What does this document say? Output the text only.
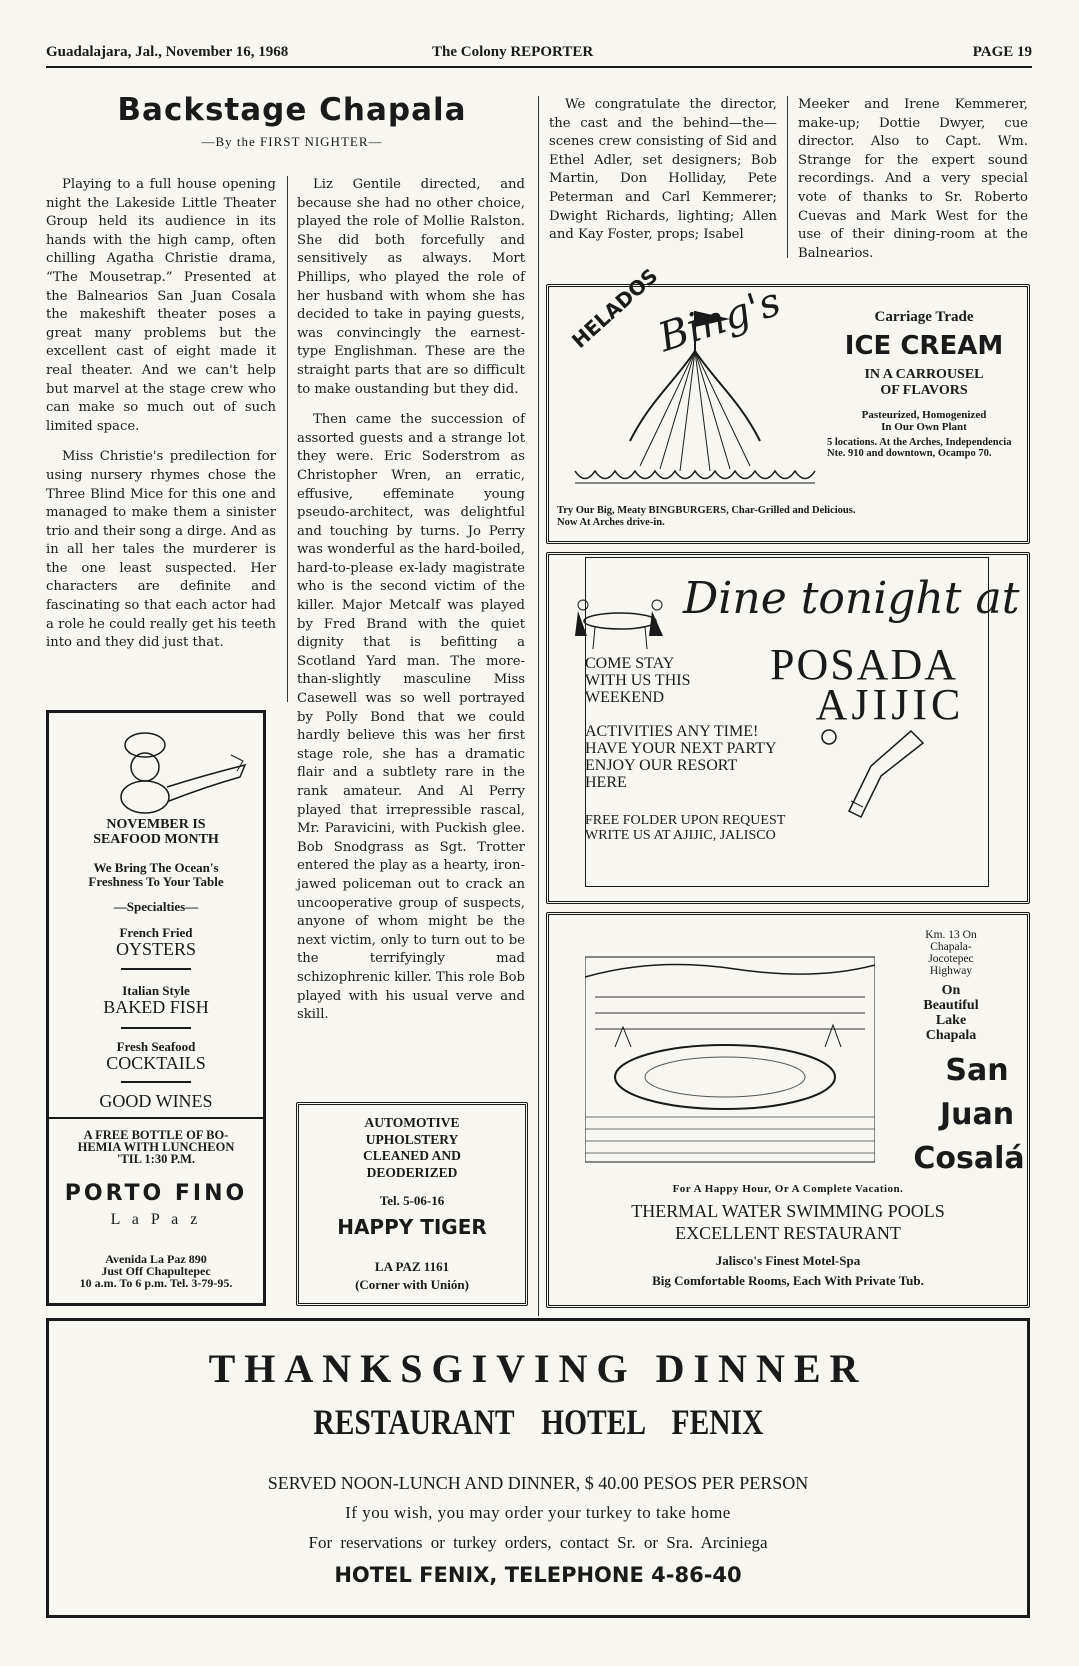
Guadalajara, Jal., November 16, 1968	The Colony REPORTER	PAGE 19
Backstage Chapala
—By the FIRST NIGHTER—

Playing to a full house opening night the Lakeside Little Theater Group held its audience in its hands with the high camp, often chilling Agatha Christie drama, “The Mousetrap.” Presented at the Balnearios San Juan Cosala the makeshift theater poses a great many problems but the excellent cast of eight made it real theater. And we can't help but marvel at the stage crew who can make so much out of such limited space.

Miss Christie's predilection for using nursery rhymes chose the Three Blind Mice for this one and managed to make them a sinister trio and their song a dirge. And as in all her tales the murderer is the one least suspected. Her characters are definite and fascinating so that each actor had a role he could really get his teeth into and they did just that.

Liz Gentile directed, and because she had no other choice, played the role of Mollie Ralston. She did both forcefully and sensitively as always. Mort Phillips, who played the role of her husband with whom she has decided to take in paying guests, was convincingly the earnest-type Englishman. These are the straight parts that are so difficult to make oustanding but they did.

Then came the succession of assorted guests and a strange lot they were. Eric Soderstrom as Christopher Wren, an erratic, effusive, effeminate young pseudo-architect, was delightful and touching by turns. Jo Perry was wonderful as the hard-boiled, hard-to-please ex-lady magistrate who is the second victim of the killer. Major Metcalf was played by Fred Brand with the quiet dignity that is befitting a Scotland Yard man. The more-than-slightly masculine Miss Casewell was so well portrayed by Polly Bond that we could hardly believe this was her first stage role, she has a dramatic flair and a subtlety rare in the rank amateur. And Al Perry played that irrepressible rascal, Mr. Paravicini, with Puckish glee. Bob Snodgrass as Sgt. Trotter entered the play as a hearty, iron-jawed policeman out to crack an uncooperative group of suspects, anyone of whom might be the next victim, only to turn out to be the terrifyingly mad schizophrenic killer. This role Bob played with his usual verve and skill.

We congratulate the director, the cast and the behind—the—scenes crew consisting of Sid and Ethel Adler, set designers; Bob Martin, Don Holliday, Pete Peterman and Carl Kemmerer; Dwight Richards, lighting; Allen and Kay Foster, props; Isabel

Meeker and Irene Kemmerer, make-up; Dottie Dwyer, cue director. Also to Capt. Wm. Strange for the expert sound recordings. And a very special vote of thanks to Sr. Roberto Cuevas and Mark West for the use of their dining-room at the Balnearios.

HELADOS
Bing's	Carriage Trade
ICE CREAM
IN A CARROUSEL
OF FLAVORS
Pasteurized, Homogenized
In Our Own Plant
5 locations. At the Arches, Independencia Nte. 910 and downtown, Ocampo 70.
Try Our Big, Meaty BINGBURGERS, Char-Grilled and Delicious.
Now At Arches drive-in.
Dine tonight at
POSADA
AJIJIC
COME STAY
WITH US THIS
WEEKEND
ACTIVITIES ANY TIME!
HAVE YOUR NEXT PARTY
ENJOY OUR RESORT
HERE
FREE FOLDER UPON REQUEST
WRITE US AT AJIJIC, JALISCO
Km. 13 On
Chapala-
Jocotepec
Highway
On
Beautiful
Lake
Chapala
San
Juan
Cosalá
For A Happy Hour, Or A Complete Vacation.
THERMAL WATER SWIMMING POOLS
EXCELLENT RESTAURANT
Jalisco's Finest Motel-Spa
Big Comfortable Rooms, Each With Private Tub.
NOVEMBER IS
SEAFOOD MONTH
We Bring The Ocean's
Freshness To Your Table
—Specialties—
French Fried
OYSTERS
Italian Style
BAKED FISH
Fresh Seafood
COCKTAILS
GOOD WINES
A FREE BOTTLE OF BO-
HEMIA WITH LUNCHEON
'TIL 1:30 P.M.
PORTO FINO
L a P a z
Avenida La Paz 890
Just Off Chapultepec
10 a.m. To 6 p.m. Tel. 3-79-95.
AUTOMOTIVE
UPHOLSTERY
CLEANED AND
DEODERIZED
Tel. 5-06-16
HAPPY TIGER
LA PAZ 1161
(Corner with Unión)
THANKSGIVING DINNER
RESTAURANT HOTEL FENIX
SERVED NOON-LUNCH AND DINNER, $ 40.00 PESOS PER PERSON
If you wish, you may order your turkey to take home
For reservations or turkey orders, contact Sr. or Sra. Arciniega
HOTEL FENIX, TELEPHONE 4-86-40
